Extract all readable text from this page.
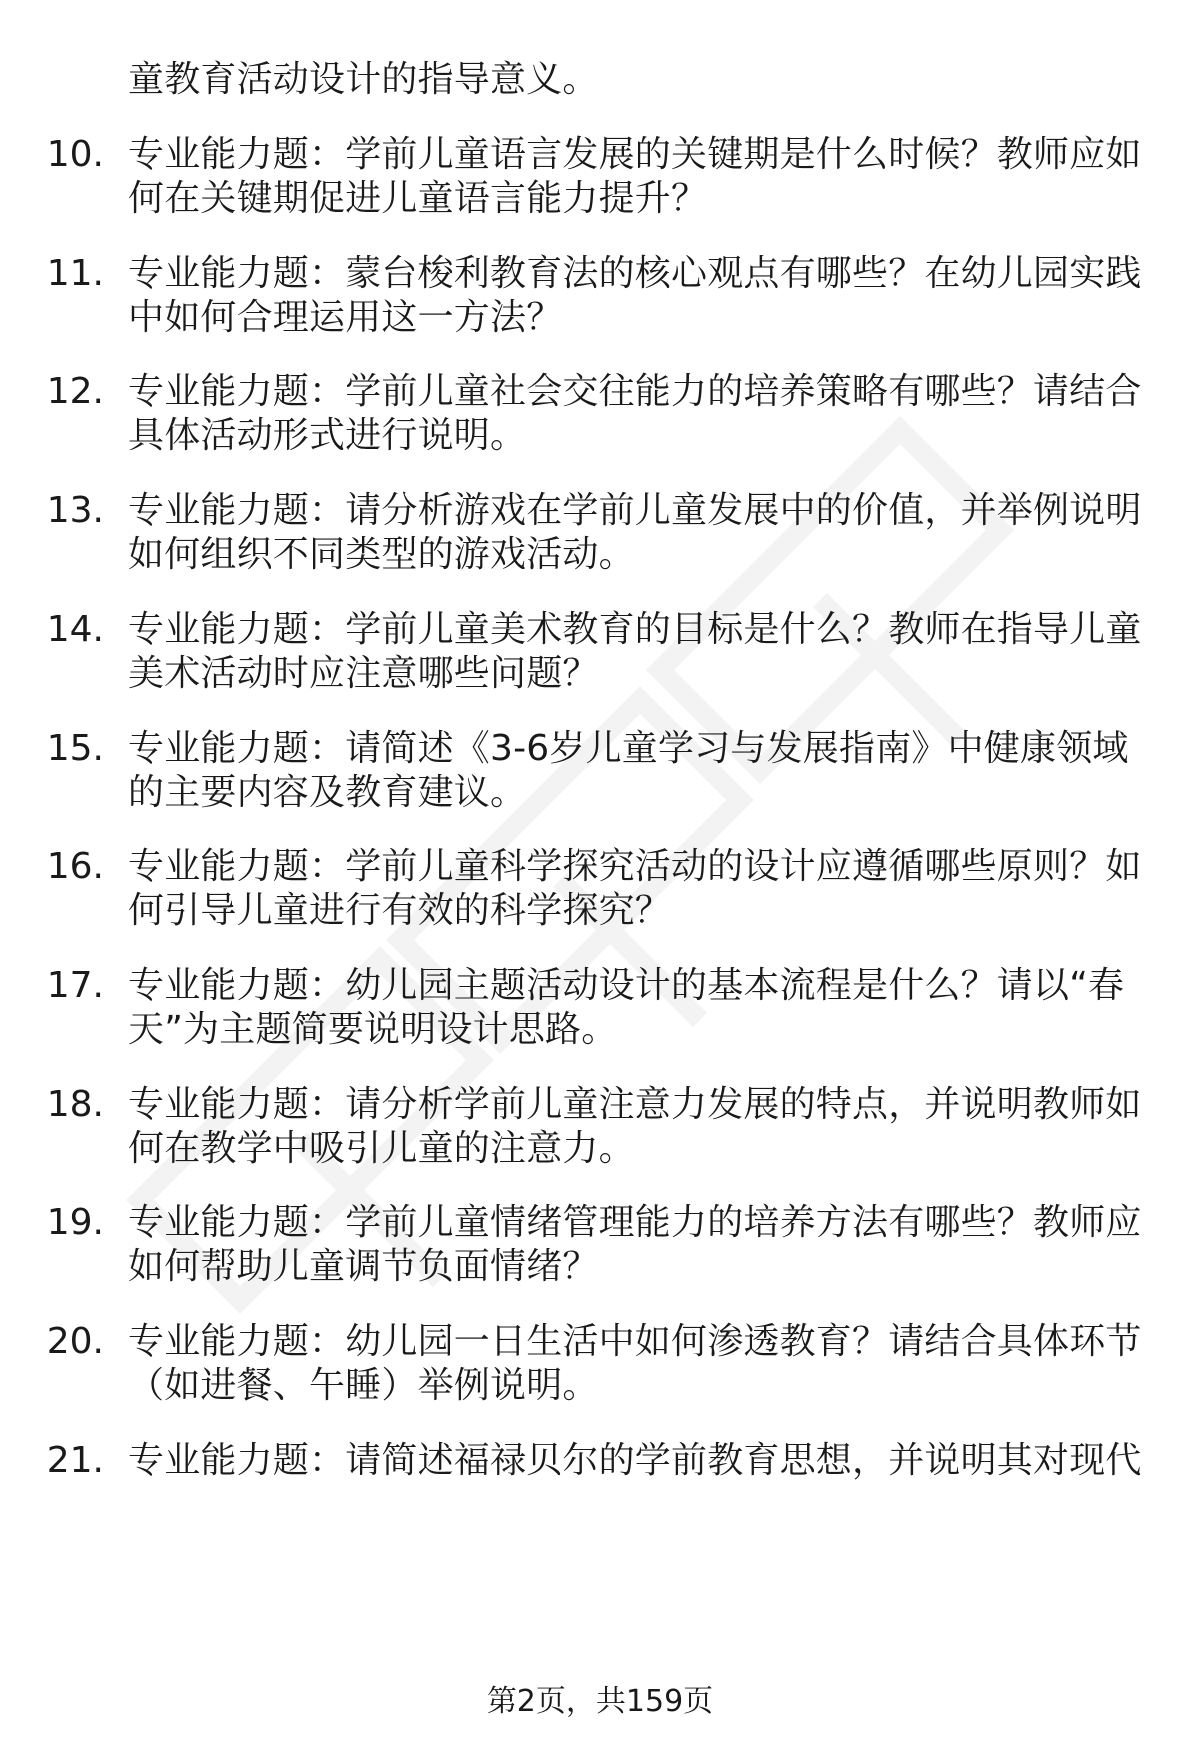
童教育活动设计的指导意义。
10. 专业能力题：学前儿童语言发展的关键期是什么时候？教师应如
何在关键期促进儿童语言能力提升？
11. 专业能力题：蒙台梭利教育法的核心观点有哪些？在幼儿园实践
中如何合理运用这一方法？
12. 专业能力题：学前儿童社会交往能力的培养策略有哪些？请结合
具体活动形式进行说明。
13. 专业能力题：请分析游戏在学前儿童发展中的价值，并举例说明
如何组织不同类型的游戏活动。
14. 专业能力题：学前儿童美术教育的目标是什么？教师在指导儿童
美术活动时应注意哪些问题？
15. 专业能力题：请简述《3-6岁儿童学习与发展指南》中健康领域
的主要内容及教育建议。
16. 专业能力题：学前儿童科学探究活动的设计应遵循哪些原则？如
何引导儿童进行有效的科学探究？
17. 专业能力题：幼儿园主题活动设计的基本流程是什么？请以“春
天”为主题简要说明设计思路。
18. 专业能力题：请分析学前儿童注意力发展的特点，并说明教师如
何在教学中吸引儿童的注意力。
19. 专业能力题：学前儿童情绪管理能力的培养方法有哪些？教师应
如何帮助儿童调节负面情绪？
20. 专业能力题：幼儿园一日生活中如何渗透教育？请结合具体环节
（如进餐、午睡）举例说明。
21. 专业能力题：请简述福禄贝尔的学前教育思想，并说明其对现代
第2页，共159页
